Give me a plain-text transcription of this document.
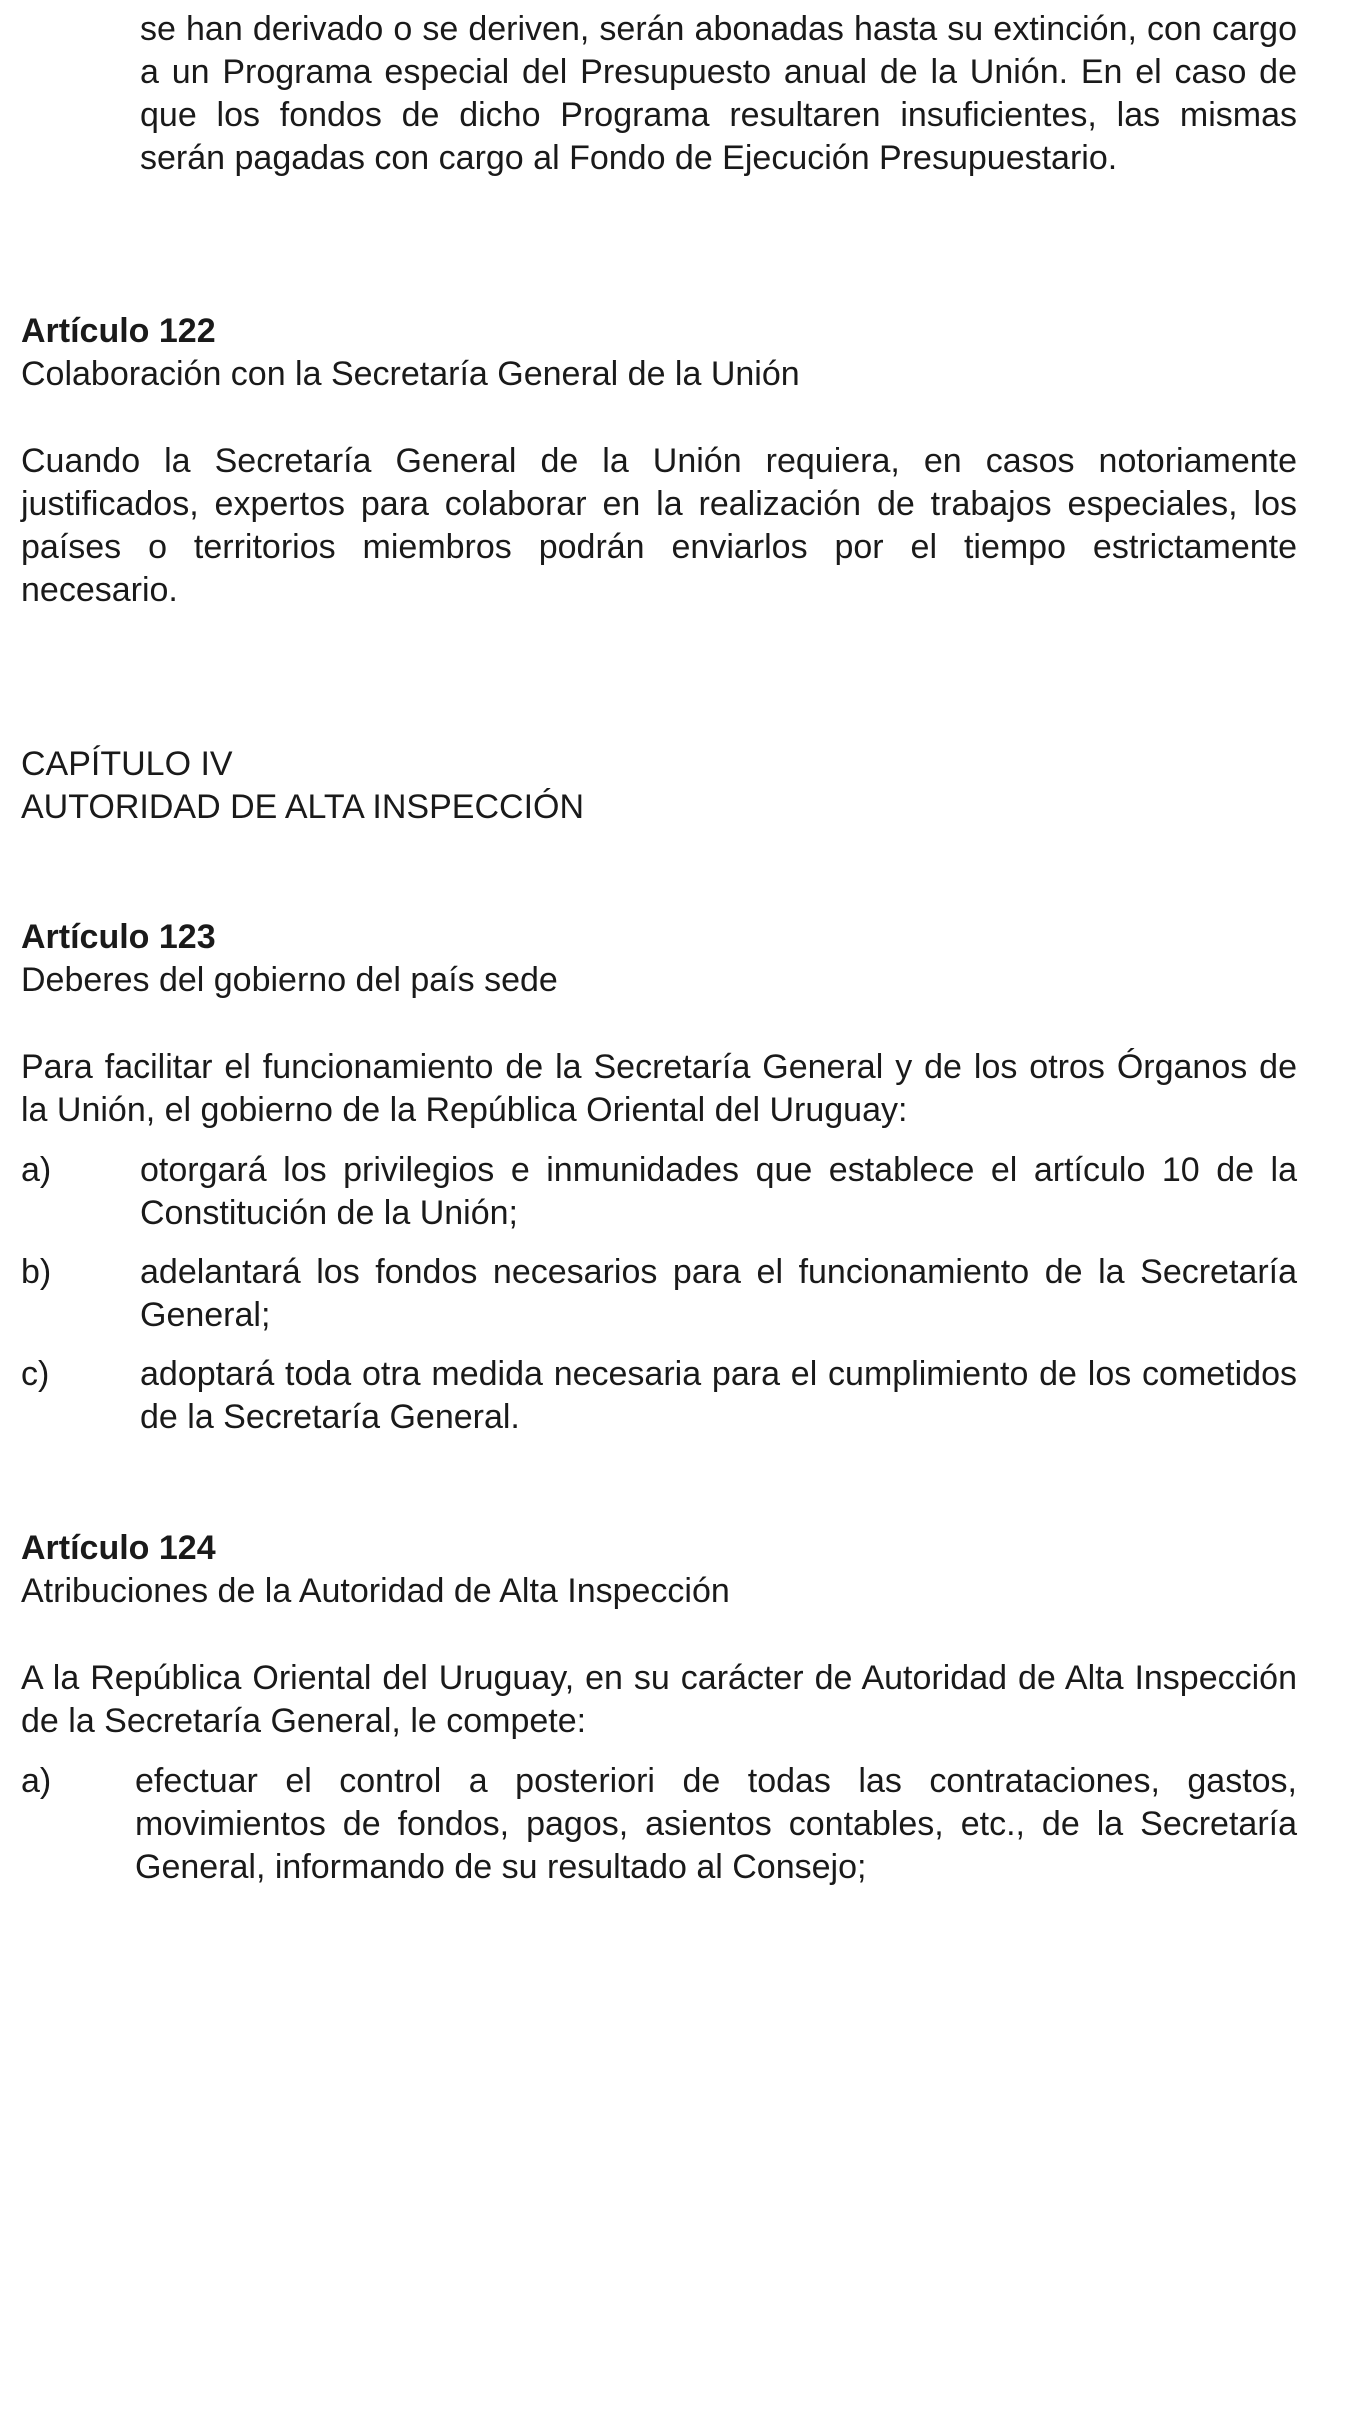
se han derivado o se deriven, serán abonadas hasta su extinción, con cargo a un Programa especial del Presupuesto anual de la Unión. En el caso de que los fondos de dicho Programa resultaren insuficientes, las mismas serán pagadas con cargo al Fondo de Ejecución Presupuestario.

Artículo 122
Colaboración con la Secretaría General de la Unión

Cuando la Secretaría General de la Unión requiera, en casos notoriamente justificados, expertos para colaborar en la realización de trabajos especiales, los países o territorios miembros podrán enviarlos por el tiempo estrictamente necesario.

CAPÍTULO IV
AUTORIDAD DE ALTA INSPECCIÓN
Artículo 123
Deberes del gobierno del país sede

Para facilitar el funcionamiento de la Secretaría General y de los otros Órganos de la Unión, el gobierno de la República Oriental del Uruguay:

a)	otorgará los privilegios e inmunidades que establece el artículo 10 de la Constitución de la Unión;
b)	adelantará los fondos necesarios para el funcionamiento de la Secretaría General;
c)	adoptará toda otra medida necesaria para el cumplimiento de los cometidos de la Secretaría General.
Artículo 124
Atribuciones de la Autoridad de Alta Inspección

A la República Oriental del Uruguay, en su carácter de Autoridad de Alta Inspección de la Secretaría General, le compete:

a)	efectuar el control a posteriori de todas las contrataciones, gastos, movimientos de fondos, pagos, asientos contables, etc., de la Secretaría General, informando de su resultado al Consejo;
